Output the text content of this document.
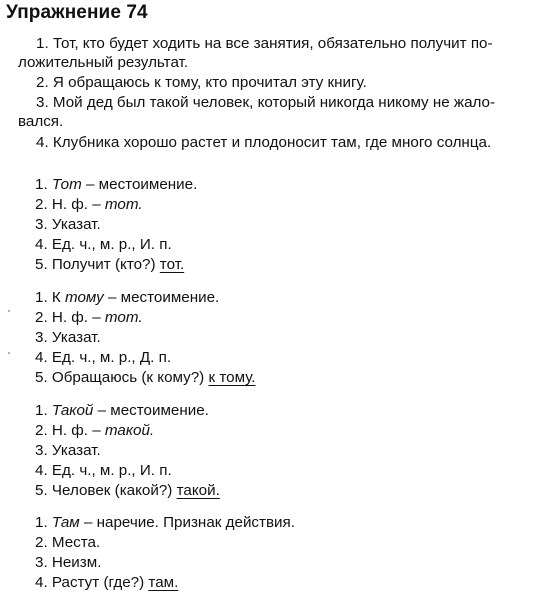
Упражнение 74
1. Тот, кто будет ходить на все занятия, обязательно получит по-
ложительный результат.
2. Я обращаюсь к тому, кто прочитал эту книгу.
3. Мой дед был такой человек, который никогда никому не жало-
вался.
4. Клубника хорошо растет и плодоносит там, где много солнца.
1. Тот – местоимение.
2. Н. ф. – тот.
3. Указат.
4. Ед. ч., м. р., И. п.
5. Получит (кто?) тот.
1. К тому – местоимение.
2. Н. ф. – тот.
3. Указат.
4. Ед. ч., м. р., Д. п.
5. Обращаюсь (к кому?) к тому.
1. Такой – местоимение.
2. Н. ф. – такой.
3. Указат.
4. Ед. ч., м. р., И. п.
5. Человек (какой?) такой.
1. Там – наречие. Признак действия.
2. Места.
3. Неизм.
4. Растут (где?) там.
